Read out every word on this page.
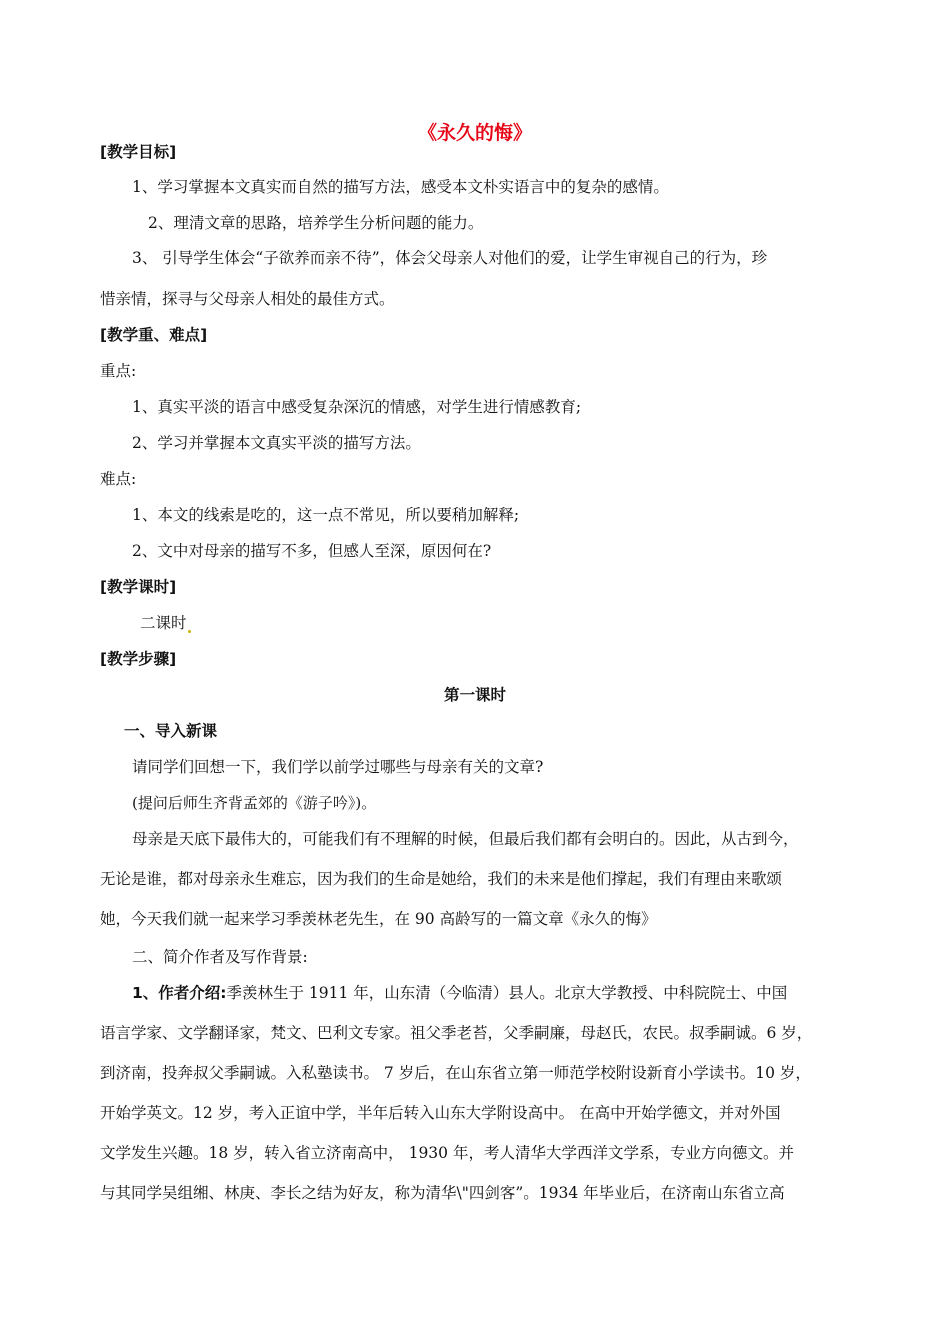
《永久的悔》
[教学目标]
1、学习掌握本文真实而自然的描写方法，感受本文朴实语言中的复杂的感情。
2、理清文章的思路，培养学生分析问题的能力。
3、 引导学生体会“子欲养而亲不待”，体会父母亲人对他们的爱，让学生审视自己的行为，珍
惜亲情，探寻与父母亲人相处的最佳方式。
[教学重、难点]
重点:
1、真实平淡的语言中感受复杂深沉的情感，对学生进行情感教育;
2、学习并掌握本文真实平淡的描写方法。
难点:
1、本文的线索是吃的，这一点不常见，所以要稍加解释;
2、文中对母亲的描写不多，但感人至深，原因何在?
[教学课时]
二课时
[教学步骤]
第一课时
一、导入新课
请同学们回想一下，我们学以前学过哪些与母亲有关的文章?
(提问后师生齐背孟郊的《游子吟》)。
母亲是天底下最伟大的，可能我们有不理解的时候，但最后我们都有会明白的。因此，从古到今，
无论是谁，都对母亲永生难忘，因为我们的生命是她给，我们的未来是他们撑起，我们有理由来歌颂
她，今天我们就一起来学习季羡林老先生，在 90 高龄写的一篇文章《永久的悔》
二、简介作者及写作背景:
1、作者介绍:季羡林生于 1911 年，山东清（今临清）县人。北京大学教授、中科院院士、中国
语言学家、文学翻译家，梵文、巴利文专家。祖父季老苔，父季嗣廉，母赵氏，农民。叔季嗣诚。6 岁，
到济南，投奔叔父季嗣诚。入私塾读书。 7 岁后，在山东省立第一师范学校附设新育小学读书。10 岁，
开始学英文。12 岁，考入正谊中学，半年后转入山东大学附设高中。 在高中开始学德文，并对外国
文学发生兴趣。18 岁，转入省立济南高中， 1930 年，考人清华大学西洋文学系，专业方向德文。并
与其同学吴组缃、林庚、李长之结为好友，称为清华\"四剑客”。1934 年毕业后，在济南山东省立高
